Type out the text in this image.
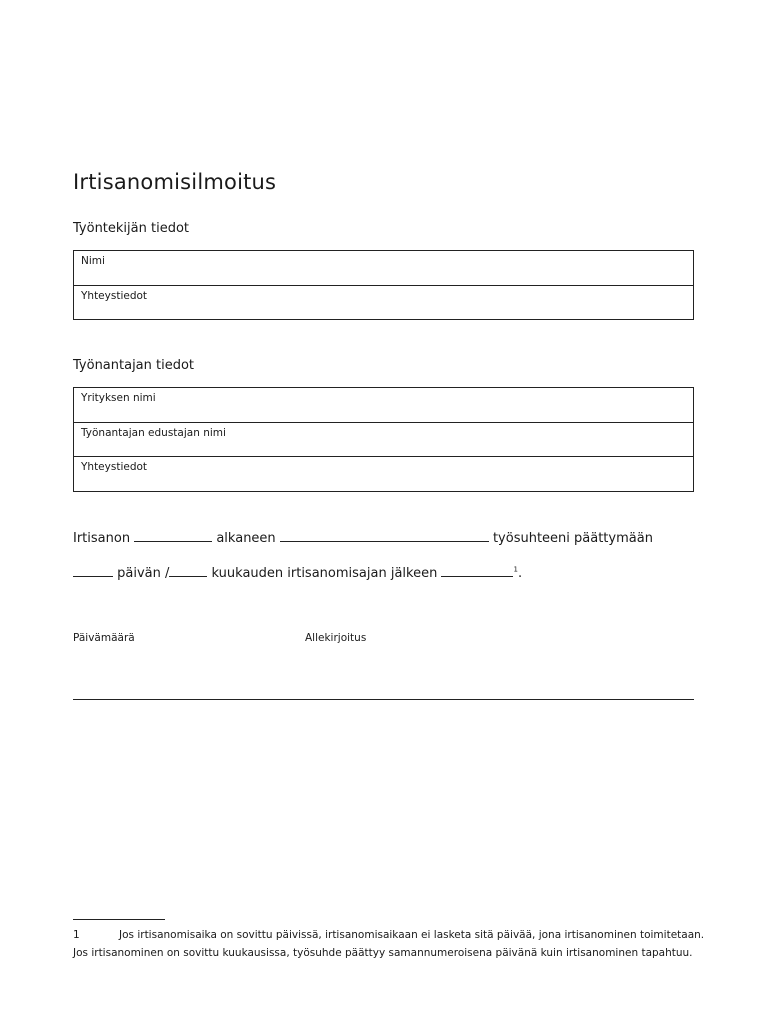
Irtisanomisilmoitus
Työntekijän tiedot
Nimi
Yhteystiedot
Työnantajan tiedot
Yrityksen nimi
Työnantajan edustajan nimi
Yhteystiedot
Irtisanon	alkaneen	työsuhteeni päättymään
päivän /	kuukauden irtisanomisajan jälkeen	$^1$.
Päivämäärä	Allekirjoitus
1	Jos irtisanomisaika on sovittu päivissä, irtisanomisaikaan ei lasketa sitä päivää, jona irtisanominen toimitetaan.
Jos irtisanominen on sovittu kuukausissa, työsuhde päättyy samannumeroisena päivänä kuin irtisanominen tapahtuu.
